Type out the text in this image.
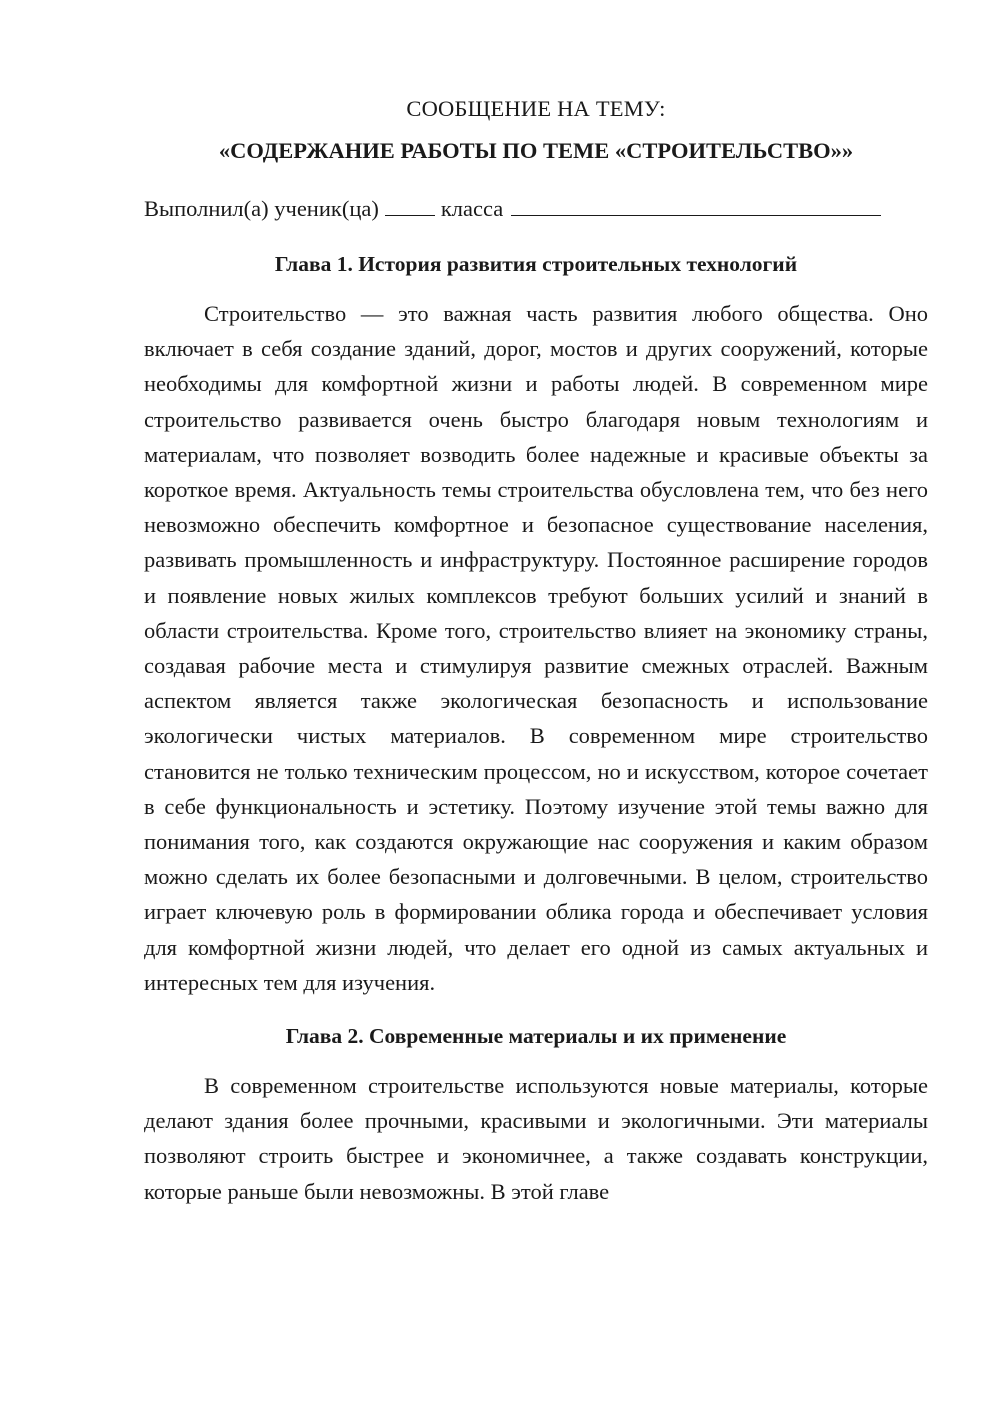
СООБЩЕНИЕ НА ТЕМУ:

«СОДЕРЖАНИЕ РАБОТЫ ПО ТЕМЕ «СТРОИТЕЛЬСТВО»»

Выполнил(а) ученик(ца)	класса

Глава 1. История развития строительных технологий

Строительство — это важная часть развития любого общества. Оно включает в себя создание зданий, дорог, мостов и других сооружений, которые необходимы для комфортной жизни и работы людей. В современном мире строительство развивается очень быстро благодаря новым технологиям и материалам, что позволяет возводить более надежные и красивые объекты за короткое время. Актуальность темы строительства обусловлена тем, что без него невозможно обеспечить комфортное и безопасное существование населения, развивать промышленность и инфраструктуру. Постоянное расширение городов и появление новых жилых комплексов требуют больших усилий и знаний в области строительства. Кроме того, строительство влияет на экономику страны, создавая рабочие места и стимулируя развитие смежных отраслей. Важным аспектом является также экологическая безопасность и использование экологически чистых материалов. В современном мире строительство становится не только техническим процессом, но и искусством, которое сочетает в себе функциональность и эстетику. Поэтому изучение этой темы важно для понимания того, как создаются окружающие нас сооружения и каким образом можно сделать их более безопасными и долговечными. В целом, строительство играет ключевую роль в формировании облика города и обеспечивает условия для комфортной жизни людей, что делает его одной из самых актуальных и интересных тем для изучения.

Глава 2. Современные материалы и их применение

В современном строительстве используются новые материалы, которые делают здания более прочными, красивыми и экологичными. Эти материалы позволяют строить быстрее и экономичнее, а также создавать конструкции, которые раньше были невозможны. В этой главе
